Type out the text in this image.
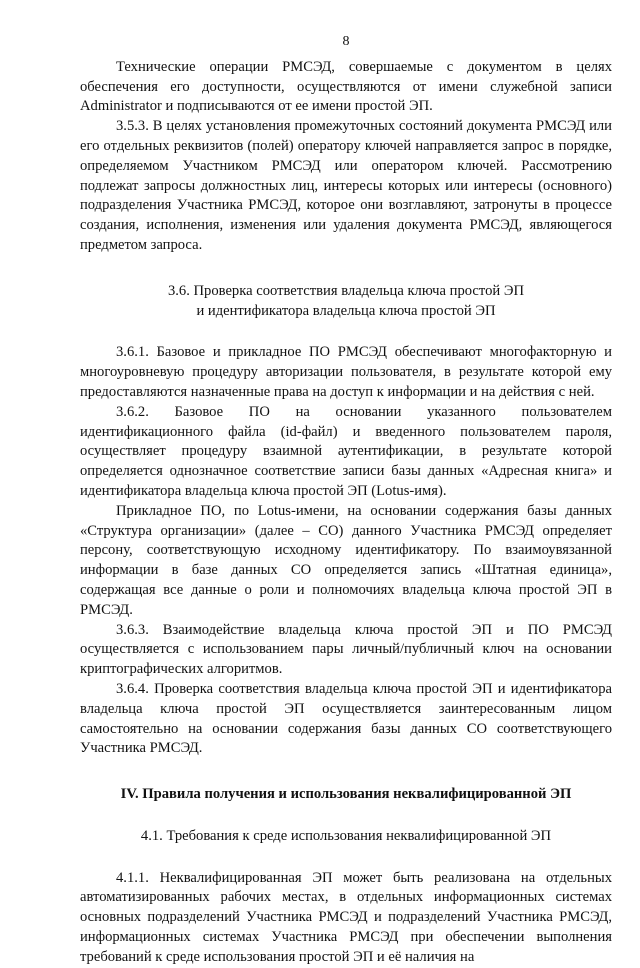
8

Технические операции РМСЭД, совершаемые с документом в целях обеспечения его доступности, осуществляются от имени служебной записи Administrator и подписываются от ее имени простой ЭП.

3.5.3. В целях установления промежуточных состояний документа РМСЭД или его отдельных реквизитов (полей) оператору ключей направляется запрос в порядке, определяемом Участником РМСЭД или оператором ключей. Рассмотрению подлежат запросы должностных лиц, интересы которых или интересы (основного) подразделения Участника РМСЭД, которое они возглавляют, затронуты в процессе создания, исполнения, изменения или удаления документа РМСЭД, являющегося предметом запроса.

3.6. Проверка соответствия владельца ключа простой ЭП
и идентификатора владельца ключа простой ЭП

3.6.1. Базовое и прикладное ПО РМСЭД обеспечивают многофакторную и многоуровневую процедуру авторизации пользователя, в результате которой ему предоставляются назначенные права на доступ к информации и на действия с ней.

3.6.2. Базовое ПО на основании указанного пользователем идентификационного файла (id-файл) и введенного пользователем пароля, осуществляет процедуру взаимной аутентификации, в результате которой определяется однозначное соответствие записи базы данных «Адресная книга» и идентификатора владельца ключа простой ЭП (Lotus-имя).

Прикладное ПО, по Lotus-имени, на основании содержания базы данных «Структура организации» (далее – СО) данного Участника РМСЭД определяет персону, соответствующую исходному идентификатору. По взаимоувязанной информации в базе данных СО определяется запись «Штатная единица», содержащая все данные о роли и полномочиях владельца ключа простой ЭП в РМСЭД.

3.6.3. Взаимодействие владельца ключа простой ЭП и ПО РМСЭД осуществляется с использованием пары личный/публичный ключ на основании криптографических алгоритмов.

3.6.4. Проверка соответствия владельца ключа простой ЭП и идентификатора владельца ключа простой ЭП осуществляется заинтересованным лицом самостоятельно на основании содержания базы данных СО соответствующего Участника РМСЭД.

IV. Правила получения и использования неквалифицированной ЭП
4.1. Требования к среде использования неквалифицированной ЭП

4.1.1. Неквалифицированная ЭП может быть реализована на отдельных автоматизированных рабочих местах, в отдельных информационных системах основных подразделений Участника РМСЭД и подразделений Участника РМСЭД, информационных системах Участника РМСЭД при обеспечении выполнения требований к среде использования простой ЭП и её наличия на
